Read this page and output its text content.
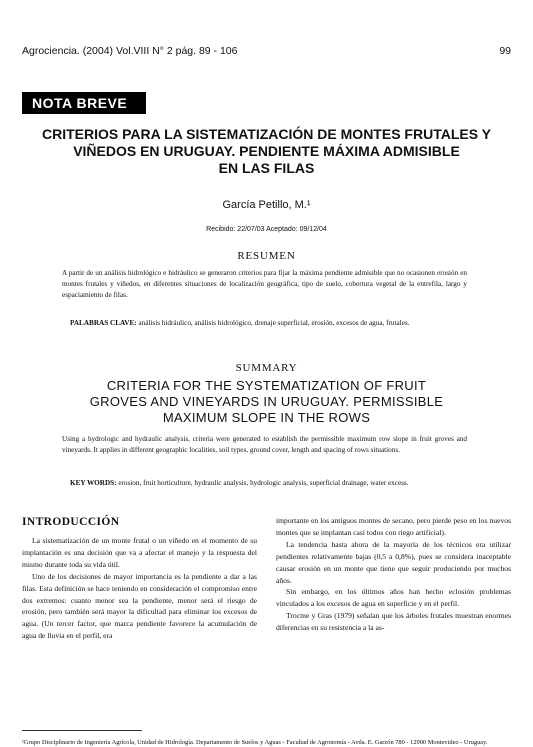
Agrociencia. (2004) Vol.VIII N° 2 pág. 89 - 106	99
NOTA BREVE
CRITERIOS PARA LA SISTEMATIZACIÓN DE MONTES FRUTALES Y
VIÑEDOS EN URUGUAY. PENDIENTE MÁXIMA ADMISIBLE
EN LAS FILAS
García Petillo, M.¹
Recibido: 22/07/03 Aceptado: 09/12/04
RESUMEN
A partir de un análisis hidrológico e hidráulico se generaron criterios para fijar la máxima pendiente admisible que no ocasionen erosión en montes frutales y viñedos, en diferentes situaciones de localización geográfica, tipo de suelo, cobertura vegetal de la entrefila, largo y espaciamiento de filas.
PALABRAS CLAVE: análisis hidráulico, análisis hidrológico, drenaje superficial, erosión, excesos de agua, frutales.
SUMMARY
CRITERIA FOR THE SYSTEMATIZATION OF FRUIT
GROVES AND VINEYARDS IN URUGUAY. PERMISSIBLE
MAXIMUM SLOPE IN THE ROWS
Using a hydrologic and hydraulic analysis, criteria were generated to establish the permissible maximum row slope in fruit groves and vineyards. It applies in different geographic localities, soil types, ground cover, length and spacing of rows situations.
KEY WORDS: erosion, fruit horticulture, hydraulic analysis, hydrologic analysis, superficial drainage, water excess.
INTRODUCCIÓN

La sistematización de un monte frutal o un viñedo en el momento de su implantación es una decisión que va a afectar el manejo y la respuesta del mismo durante toda su vida útil.

Uno de los decisiones de mayor importancia es la pendiente a dar a las filas. Esta definición se hace teniendo en consideración el compromiso entre dos extremos: cuanto menor sea la pendiente, menor será el riesgo de erosión, pero también será mayor la dificultad para eliminar los excesos de agua. (Un tercer factor, que marca pendiente favorece la acumulación de agua de lluvia en el perfil, era

importante en los antiguos montes de secano, pero pierde peso en los nuevos montes que se implantan casi todos con riego artificial).

La tendencia hasta ahora de la mayoría de los técnicos era utilizar pendientes relativamente bajas (0,5 a 0,8%), pues se considera inaceptable causar erosión en un monte que tiene que seguir produciendo por muchos años.

Sin embargo, en los últimos años han hecho eclosión problemas vinculados a los excesos de agua en superficie y en el perfil.

Trocme y Gras (1979) señalan que los árboles frutales muestran enormes diferencias en su resistencia a la as-

¹Grupo Disciplinario de Ingeniería Agrícola, Unidad de Hidrología. Departamento de Suelos y Aguas - Facultad de Agronomía - Avda. E. Garzón 780 - 12900 Montevideo - Uruguay.
